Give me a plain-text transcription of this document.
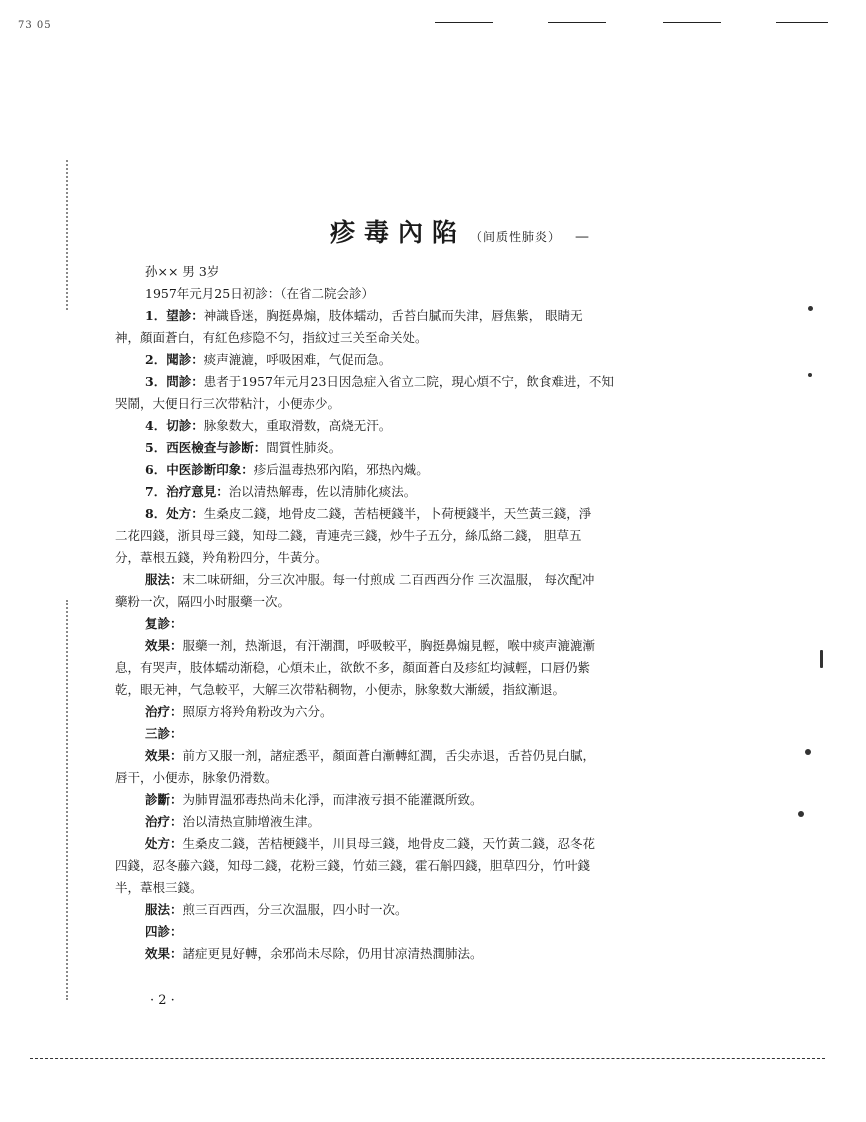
73 05
疹毒內陷 （间质性肺炎） —
孙×× 男 3岁
1957年元月25日初診：（在省二院会診）
1．望診：神識昏迷，胸挺鼻煽，肢体蠕动，舌苔白膩而失津，唇焦紫， 眼睛无
神，顏面蒼白，有紅色疹隐不匀，指紋过三关至命关处。
2．聞診：痰声漉漉，呼吸困难，气促而急。
3．問診：患者于1957年元月23日因急症入省立二院，現心煩不宁，飲食难进，不知
哭鬧，大便日行三次带粘汁，小便赤少。
4．切診：脉象数大，重取滑数，高烧无汗。
5．西医檢查与診断：間質性肺炎。
6．中医診断印象：疹后温毒热邪內陷，邪热內熾。
7．治疗意見：治以清热解毒，佐以清肺化痰法。
8．处方：生桑皮二錢，地骨皮二錢，苦桔梗錢半，卜荷梗錢半，天竺黃三錢，淨
二花四錢，浙貝母三錢，知母二錢，青連壳三錢，炒牛子五分，絲瓜絡二錢， 胆草五
分，葦根五錢，羚角粉四分，牛黃分。
服法：末二味研細，分三次冲服。每一付煎成 二百西西分作 三次温服， 每次配冲
藥粉一次，隔四小时服藥一次。
复診：
效果：服藥一剂，热渐退，有汗潮潤，呼吸較平，胸挺鼻煽見輕，喉中痰声漉漉漸
息，有哭声，肢体蠕动渐稳，心煩未止，欲飲不多，顏面蒼白及疹紅均減輕，口唇仍紫
乾，眼无神，气急較平，大解三次带粘稠物，小便赤，脉象数大漸緩，指紋漸退。
治疗：照原方将羚角粉改为六分。
三診：
效果：前方又服一剂，諸症悉平，顏面蒼白漸轉紅潤，舌尖赤退，舌苔仍見白膩，
唇干，小便赤，脉象仍滑数。
診斷：为肺胃温邪毒热尚未化淨，而津液亏損不能灌溉所致。
治疗：治以清热宣肺增液生津。
处方：生桑皮二錢，苦桔梗錢半，川貝母三錢，地骨皮二錢，天竹黃二錢，忍冬花
四錢，忍冬藤六錢，知母二錢，花粉三錢，竹茹三錢，霍石斛四錢，胆草四分，竹叶錢
半，葦根三錢。
服法：煎三百西西，分三次温服，四小时一次。
四診：
效果：諸症更見好轉，余邪尚未尽除，仍用甘凉清热潤肺法。
· 2 ·
